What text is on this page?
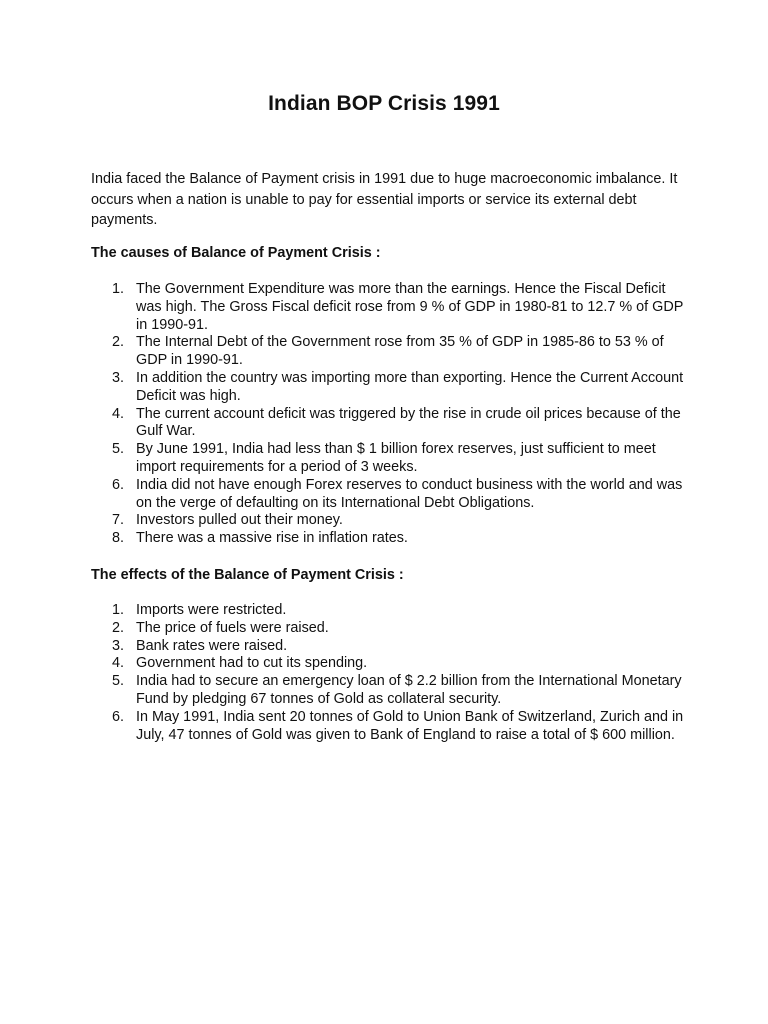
Indian BOP Crisis 1991

India faced the Balance of Payment crisis in 1991 due to huge macroeconomic imbalance. It occurs when a nation is unable to pay for essential imports or service its external debt payments.

The causes of Balance of Payment Crisis :
1. The Government Expenditure was more than the earnings. Hence the Fiscal Deficit was high. The Gross Fiscal deficit rose from 9 % of GDP in 1980-81 to 12.7 % of GDP in 1990-91.
2. The Internal Debt of the Government rose from 35 % of GDP in 1985-86 to 53 % of GDP in 1990-91.
3. In addition the country was importing more than exporting. Hence the Current Account Deficit was high.
4. The current account deficit was triggered by the rise in crude oil prices because of the Gulf War.
5. By June 1991, India had less than $ 1 billion forex reserves, just sufficient to meet import requirements for a period of 3 weeks.
6. India did not have enough Forex reserves to conduct business with the world and was on the verge of defaulting on its International Debt Obligations.
7. Investors pulled out their money.
8. There was a massive rise in inflation rates.
The effects of the Balance of Payment Crisis :
1. Imports were restricted.
2. The price of fuels were raised.
3. Bank rates were raised.
4. Government had to cut its spending.
5. India had to secure an emergency loan of $ 2.2 billion from the International Monetary Fund by pledging 67 tonnes of Gold as collateral security.
6. In May 1991, India sent 20 tonnes of Gold to Union Bank of Switzerland, Zurich and in July, 47 tonnes of Gold was given to Bank of England to raise a total of $ 600 million.
